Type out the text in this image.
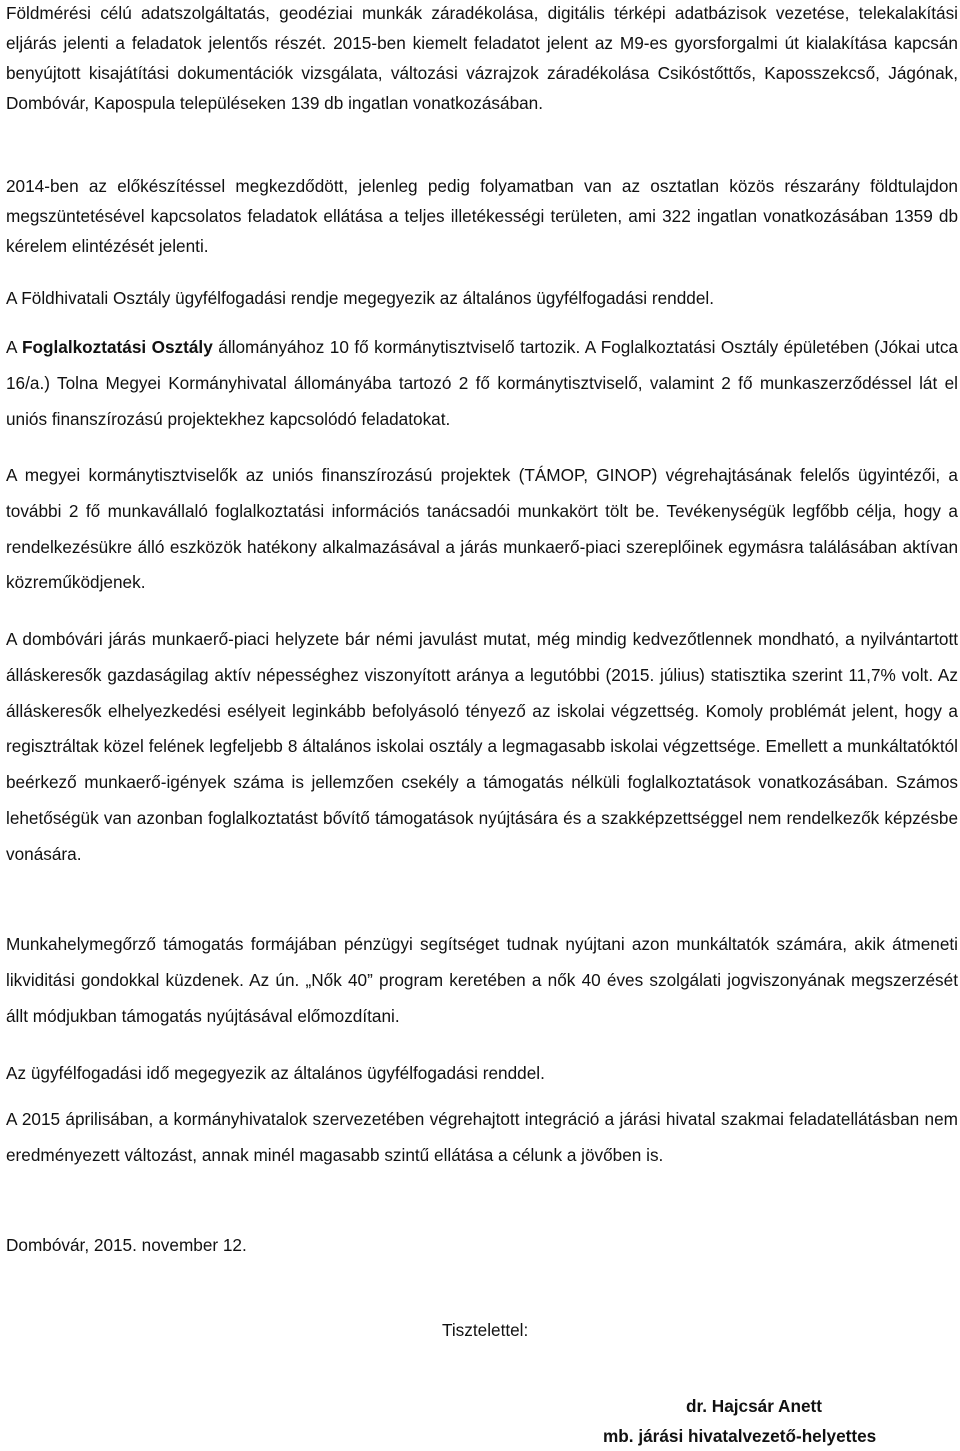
Földmérési célú adatszolgáltatás, geodéziai munkák záradékolása, digitális térképi adatbázisok vezetése, telekalakítási eljárás jelenti a feladatok jelentős részét. 2015-ben kiemelt feladatot jelent az M9-es gyorsforgalmi út kialakítása kapcsán benyújtott kisajátítási dokumentációk vizsgálata, változási vázrajzok záradékolása Csikóstőttős, Kaposszekcső, Jágónak, Dombóvár, Kapospula településeken 139 db ingatlan vonatkozásában.

2014-ben az előkészítéssel megkezdődött, jelenleg pedig folyamatban van az osztatlan közös részarány földtulajdon megszüntetésével kapcsolatos feladatok ellátása a teljes illetékességi területen, ami 322 ingatlan vonatkozásában 1359 db kérelem elintézését jelenti.

A Földhivatali Osztály ügyfélfogadási rendje megegyezik az általános ügyfélfogadási renddel.

A Foglalkoztatási Osztály állományához 10 fő kormánytisztviselő tartozik. A Foglalkoztatási Osztály épületében (Jókai utca 16/a.) Tolna Megyei Kormányhivatal állományába tartozó 2 fő kormánytisztviselő, valamint 2 fő munkaszerződéssel lát el uniós finanszírozású projektekhez kapcsolódó feladatokat.

A megyei kormánytisztviselők az uniós finanszírozású projektek (TÁMOP, GINOP) végrehajtásának felelős ügyintézői, a további 2 fő munkavállaló foglalkoztatási információs tanácsadói munkakört tölt be. Tevékenységük legfőbb célja, hogy a rendelkezésükre álló eszközök hatékony alkalmazásával a járás munkaerő-piaci szereplőinek egymásra találásában aktívan közreműködjenek.

A dombóvári járás munkaerő-piaci helyzete bár némi javulást mutat, még mindig kedvezőtlennek mondható, a nyilvántartott álláskeresők gazdaságilag aktív népességhez viszonyított aránya a legutóbbi (2015. július) statisztika szerint 11,7% volt. Az álláskeresők elhelyezkedési esélyeit leginkább befolyásoló tényező az iskolai végzettség. Komoly problémát jelent, hogy a regisztráltak közel felének legfeljebb 8 általános iskolai osztály a legmagasabb iskolai végzettsége. Emellett a munkáltatóktól beérkező munkaerő-igények száma is jellemzően csekély a támogatás nélküli foglalkoztatások vonatkozásában. Számos lehetőségük van azonban foglalkoztatást bővítő támogatások nyújtására és a szakképzettséggel nem rendelkezők képzésbe vonására.

Munkahelymegőrző támogatás formájában pénzügyi segítséget tudnak nyújtani azon munkáltatók számára, akik átmeneti likviditási gondokkal küzdenek. Az ún. „Nők 40” program keretében a nők 40 éves szolgálati jogviszonyának megszerzését állt módjukban támogatás nyújtásával előmozdítani.

Az ügyfélfogadási idő megegyezik az általános ügyfélfogadási renddel.

A 2015 áprilisában, a kormányhivatalok szervezetében végrehajtott integráció a járási hivatal szakmai feladatellátásban nem eredményezett változást, annak minél magasabb szintű ellátása a célunk a jövőben is.

Dombóvár, 2015. november 12.
Tisztelettel:
dr. Hajcsár Anett
mb. járási hivatalvezető-helyettes
